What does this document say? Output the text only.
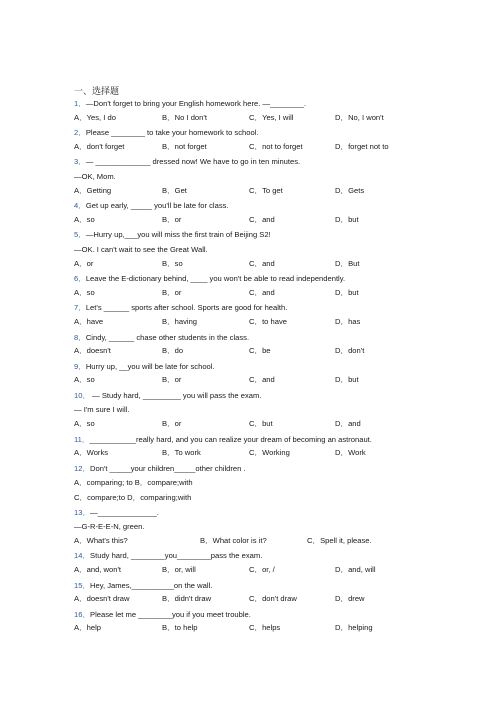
一、选择题
1．—Don't forget to bring your English homework here. —________.
A．Yes, I do	B．No I don't	C．Yes, I will	D．No, I won't
2．Please ________ to take your homework to school.
A．don't forget	B．not forget	C．not to forget	D．forget not to
3．— _____________ dressed now! We have to go in ten minutes.
—OK, Mom.
A．Getting	B．Get	C．To get	D．Gets
4．Get up early, _____ you'll be late for class.
A．so	B．or	C．and	D．but
5．—Hurry up,___you will miss the first train of Beijing S2!
—OK. I can't wait to see the Great Wall.
A．or	B．so	C．and	D．But
6．Leave the E-dictionary behind, ____ you won't be able to read independently.
A．so	B．or	C．and	D．but
7．Let's ______ sports after school. Sports are good for health.
A．have	B．having	C．to have	D．has
8．Cindy, ______ chase other students in the class.
A．doesn't	B．do	C．be	D．don't
9．Hurry up, __you will be late for school.
A．so	B．or	C．and	D．but
10． — Study hard, _________ you will pass the exam.
— I'm sure I will.
A．so	B．or	C．but	D．and
11．___________really hard, and you can realize your dream of becoming an astronaut.
A．Works	B．To work	C．Working	D．Work
12．Don't _____your children_____other children .
A．comparing; to B．compare;with
C．compare;to D．comparing;with
13．—______________.
—G-R-E-E-N, green.
A．What's this?	B．What color is it?	C．Spell it, please.
14．Study hard, ________you________pass the exam.
A．and, won't	B．or, will	C．or, /	D．and, will
15．Hey, James,__________on the wall.
A．doesn't draw	B．didn't draw	C．don't draw	D．drew
16．Please let me ________you if you meet trouble.
A．help	B．to help	C．helps	D．helping
